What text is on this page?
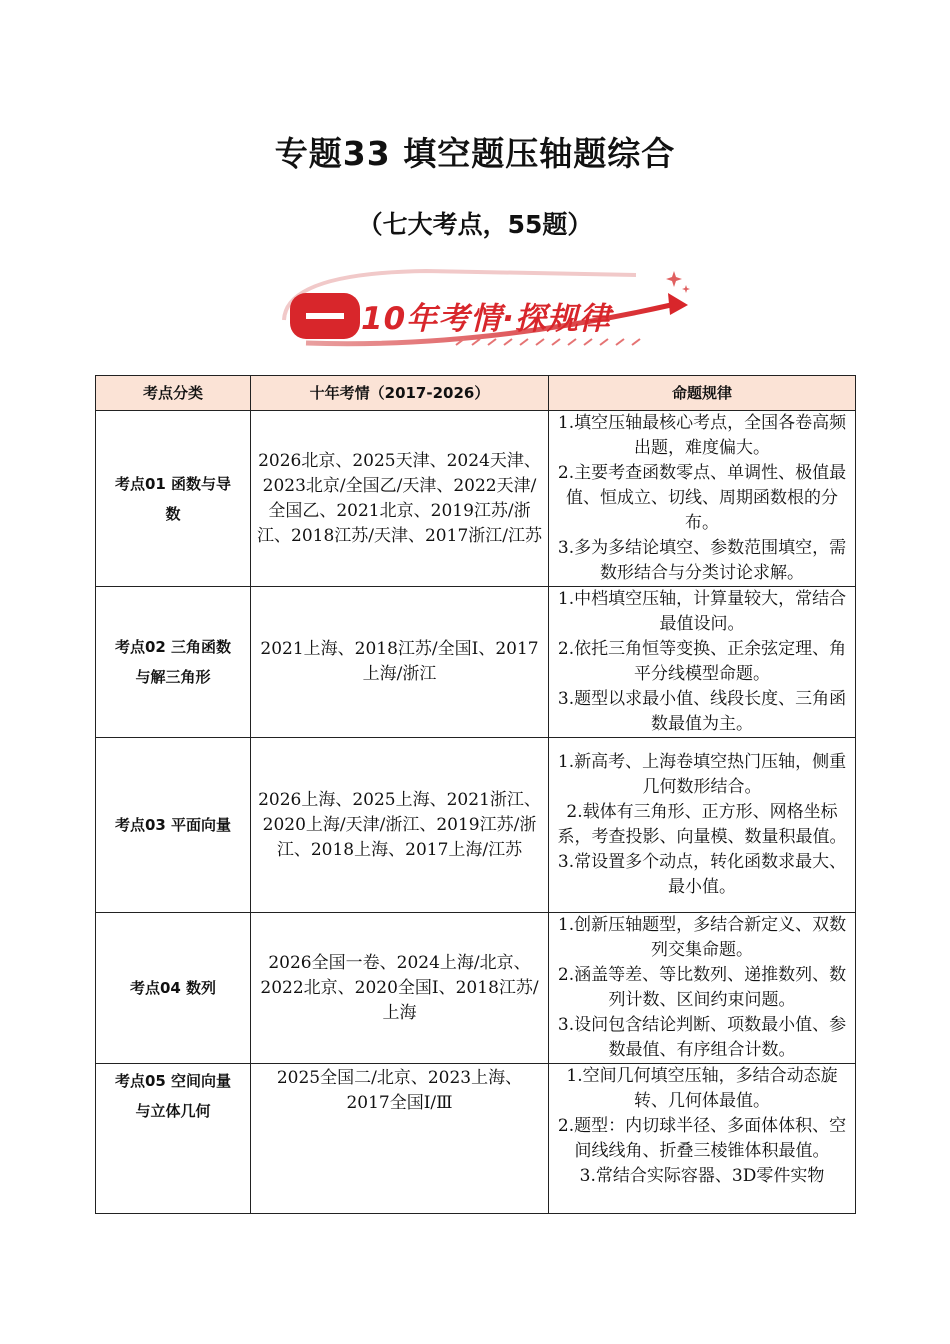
专题33 填空题压轴题综合
（七大考点，55题）
10年考情·探规律
考点分类	十年考情（2017-2026）	命题规律
考点01 函数与导数	2026北京、2025天津、2024天津、2023北京/全国乙/天津、2022天津/全国乙、2021北京、2019江苏/浙江、2018江苏/天津、2017浙江/江苏	1.填空压轴最核心考点，全国各卷高频出题，难度偏大。

2.主要考查函数零点、单调性、极值最值、恒成立、切线、周期函数根的分布。

3.多为多结论填空、参数范围填空，需数形结合与分类讨论求解。

考点02 三角函数与解三角形	2021上海、2018江苏/全国Ⅰ、2017上海/浙江	1.中档填空压轴，计算量较大，常结合最值设问。

2.依托三角恒等变换、正余弦定理、角平分线模型命题。

3.题型以求最小值、线段长度、三角函数最值为主。

考点03 平面向量	2026上海、2025上海、2021浙江、2020上海/天津/浙江、2019江苏/浙江、2018上海、2017上海/江苏	1.新高考、上海卷填空热门压轴，侧重几何数形结合。

2.载体有三角形、正方形、网格坐标系，考查投影、向量模、数量积最值。

3.常设置多个动点，转化函数求最大、最小值。

考点04 数列	2026全国一卷、2024上海/北京、2022北京、2020全国Ⅰ、2018江苏/上海	1.创新压轴题型，多结合新定义、双数列交集命题。

2.涵盖等差、等比数列、递推数列、数列计数、区间约束问题。

3.设问包含结论判断、项数最小值、参数最值、有序组合计数。

考点05 空间向量与立体几何	2025全国二/北京、2023上海、2017全国Ⅰ/Ⅲ	1.空间几何填空压轴，多结合动态旋转、几何体最值。

2.题型：内切球半径、多面体体积、空间线线角、折叠三棱锥体积最值。

3.常结合实际容器、3D零件实物
